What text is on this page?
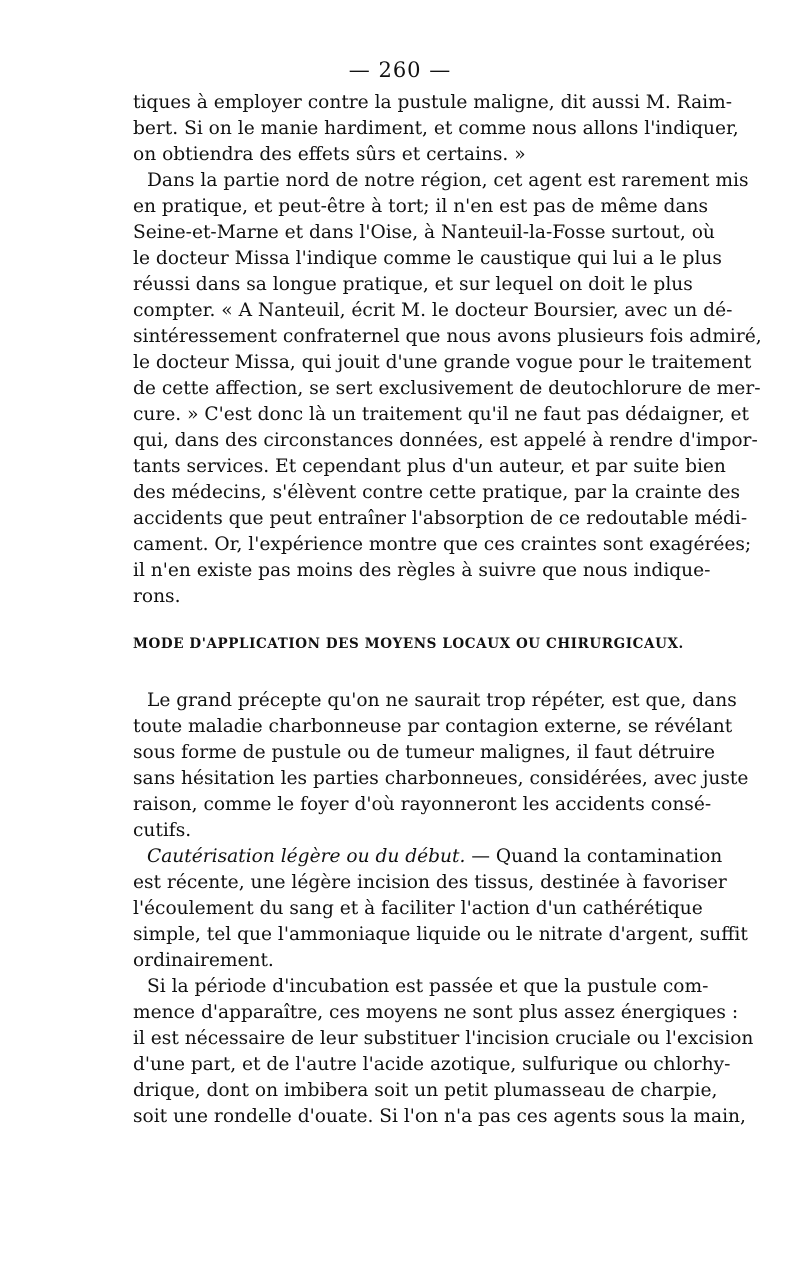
— 260 —
tiques à employer contre la pustule maligne, dit aussi M. Raim-
bert. Si on le manie hardiment, et comme nous allons l'indiquer,
on obtiendra des effets sûrs et certains. »
Dans la partie nord de notre région, cet agent est rarement mis
en pratique, et peut-être à tort; il n'en est pas de même dans
Seine-et-Marne et dans l'Oise, à Nanteuil-la-Fosse surtout, où
le docteur Missa l'indique comme le caustique qui lui a le plus
réussi dans sa longue pratique, et sur lequel on doit le plus
compter. « A Nanteuil, écrit M. le docteur Boursier, avec un dé-
sintéressement confraternel que nous avons plusieurs fois admiré,
le docteur Missa, qui jouit d'une grande vogue pour le traitement
de cette affection, se sert exclusivement de deutochlorure de mer-
cure. » C'est donc là un traitement qu'il ne faut pas dédaigner, et
qui, dans des circonstances données, est appelé à rendre d'impor-
tants services. Et cependant plus d'un auteur, et par suite bien
des médecins, s'élèvent contre cette pratique, par la crainte des
accidents que peut entraîner l'absorption de ce redoutable médi-
cament. Or, l'expérience montre que ces craintes sont exagérées;
il n'en existe pas moins des règles à suivre que nous indique-
rons.
MODE D'APPLICATION DES MOYENS LOCAUX OU CHIRURGICAUX.
Le grand précepte qu'on ne saurait trop répéter, est que, dans
toute maladie charbonneuse par contagion externe, se révélant
sous forme de pustule ou de tumeur malignes, il faut détruire
sans hésitation les parties charbonneues, considérées, avec juste
raison, comme le foyer d'où rayonneront les accidents consé-
cutifs.
Cautérisation légère ou du début. — Quand la contamination
est récente, une légère incision des tissus, destinée à favoriser
l'écoulement du sang et à faciliter l'action d'un cathérétique
simple, tel que l'ammoniaque liquide ou le nitrate d'argent, suffit
ordinairement.
Si la période d'incubation est passée et que la pustule com-
mence d'apparaître, ces moyens ne sont plus assez énergiques :
il est nécessaire de leur substituer l'incision cruciale ou l'excision
d'une part, et de l'autre l'acide azotique, sulfurique ou chlorhy-
drique, dont on imbibera soit un petit plumasseau de charpie,
soit une rondelle d'ouate. Si l'on n'a pas ces agents sous la main,
